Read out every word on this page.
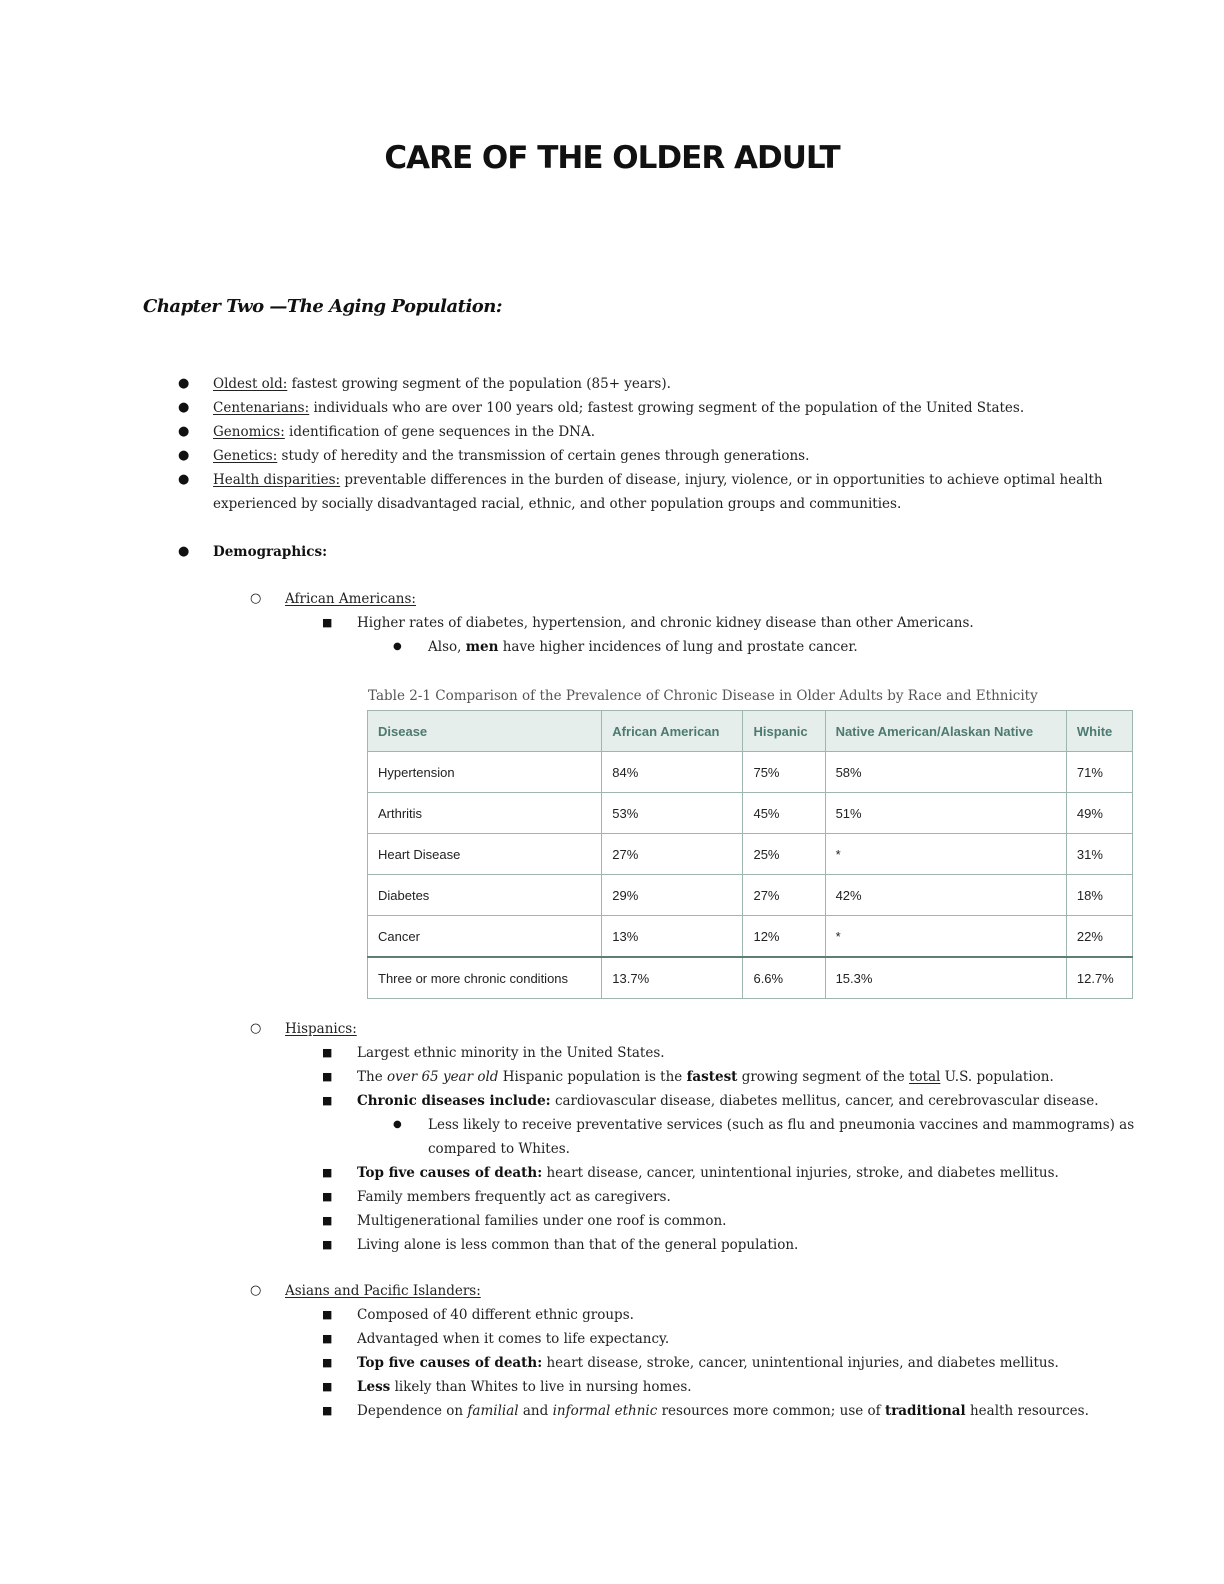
CARE OF THE OLDER ADULT
Chapter Two —The Aging Population:
● Oldest old: fastest growing segment of the population (85+ years).
● Centenarians: individuals who are over 100 years old; fastest growing segment of the population of the United States.
● Genomics: identification of gene sequences in the DNA.
● Genetics: study of heredity and the transmission of certain genes through generations.
● Health disparities: preventable differences in the burden of disease, injury, violence, or in opportunities to achieve optimal health
experienced by socially disadvantaged racial, ethnic, and other population groups and communities.
● Demographics:
○ African Americans:
■ Higher rates of diabetes, hypertension, and chronic kidney disease than other Americans.
● Also, men have higher incidences of lung and prostate cancer.
Table 2-1 Comparison of the Prevalence of Chronic Disease in Older Adults by Race and Ethnicity
Disease	African American	Hispanic	Native American/Alaskan Native	White
Hypertension	84%	75%	58%	71%
Arthritis	53%	45%	51%	49%
Heart Disease	27%	25%	*	31%
Diabetes	29%	27%	42%	18%
Cancer	13%	12%	*	22%
Three or more chronic conditions	13.7%	6.6%	15.3%	12.7%
○ Hispanics:
■ Largest ethnic minority in the United States.
■ The over 65 year old Hispanic population is the fastest growing segment of the total U.S. population.
■ Chronic diseases include: cardiovascular disease, diabetes mellitus, cancer, and cerebrovascular disease.
● Less likely to receive preventative services (such as flu and pneumonia vaccines and mammograms) as
compared to Whites.
■ Top five causes of death: heart disease, cancer, unintentional injuries, stroke, and diabetes mellitus.
■ Family members frequently act as caregivers.
■ Multigenerational families under one roof is common.
■ Living alone is less common than that of the general population.
○ Asians and Pacific Islanders:
■ Composed of 40 different ethnic groups.
■ Advantaged when it comes to life expectancy.
■ Top five causes of death: heart disease, stroke, cancer, unintentional injuries, and diabetes mellitus.
■ Less likely than Whites to live in nursing homes.
■ Dependence on familial and informal ethnic resources more common; use of traditional health resources.
